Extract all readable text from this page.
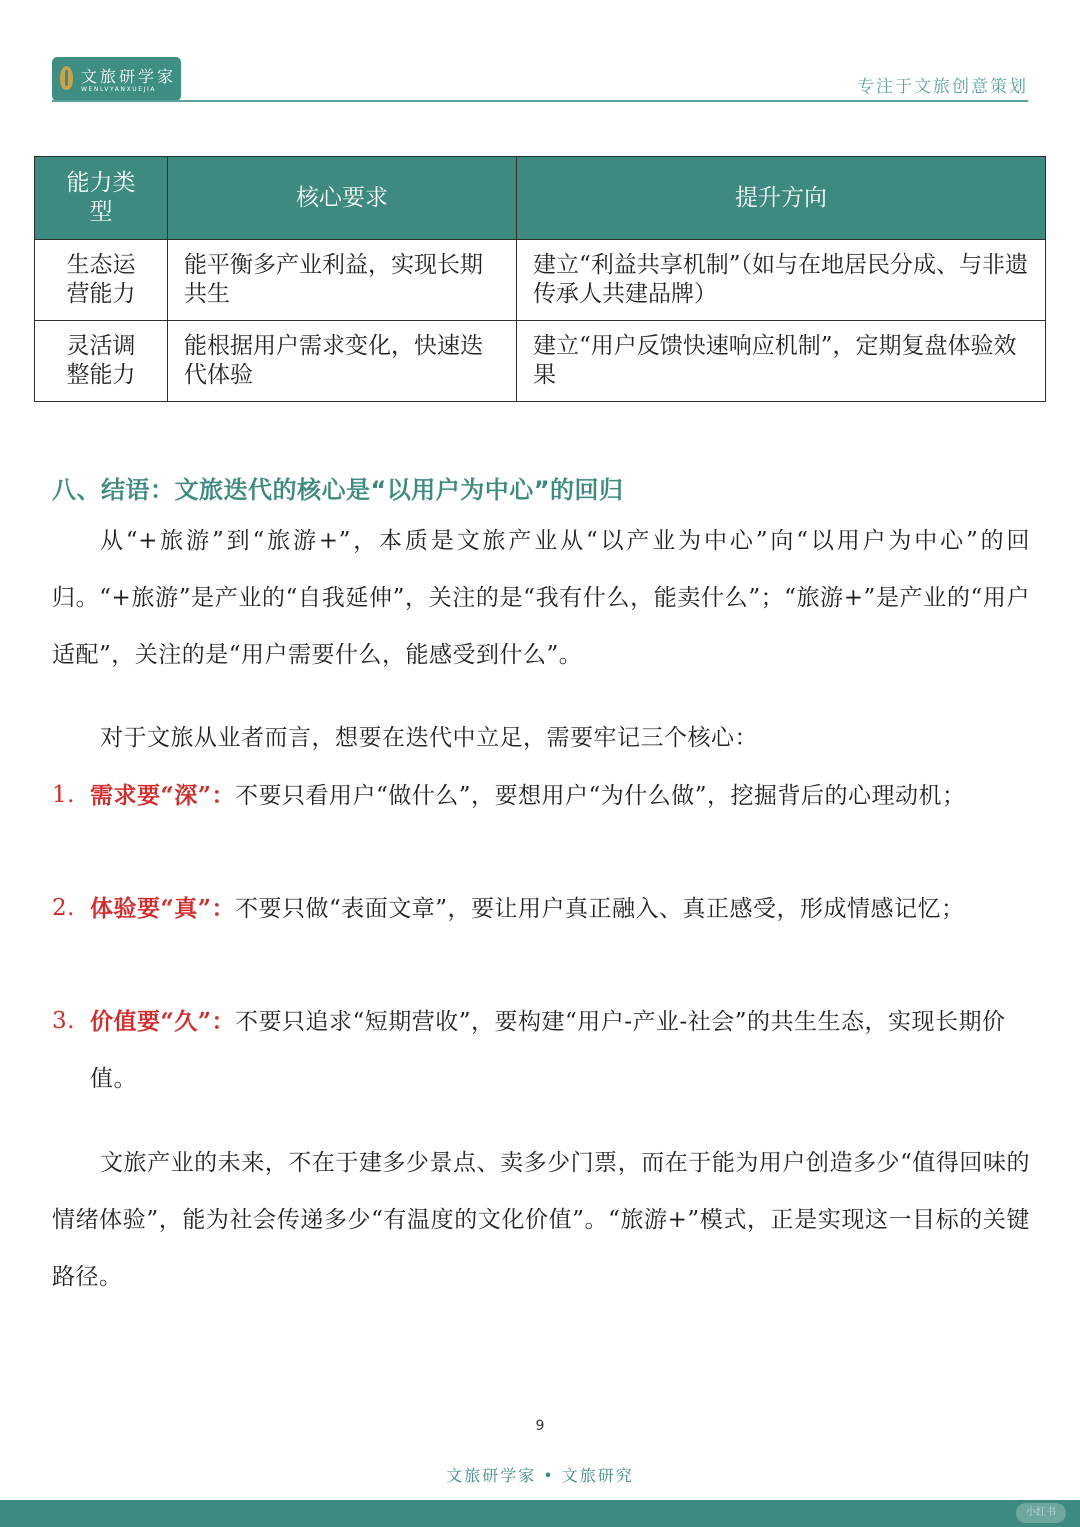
文旅研学家
WENLVYANXUEJIA	专注于文旅创意策划
能力类型	核心要求	提升方向
生态运营能力	能平衡多产业利益，实现长期共生	建立“利益共享机制”（如与在地居民分成、与非遗传承人共建品牌）
灵活调整能力	能根据用户需求变化，快速迭代体验	建立“用户反馈快速响应机制”，定期复盘体验效果
八、结语：文旅迭代的核心是“以用户为中心”的回归

从“+旅游”到“旅游+”，本质是文旅产业从“以产业为中心”向“以用户为中心”的回归。“+旅游”是产业的“自我延伸”，关注的是“我有什么，能卖什么”；“旅游+”是产业的“用户适配”，关注的是“用户需要什么，能感受到什么”。

对于文旅从业者而言，想要在迭代中立足，需要牢记三个核心：

1. 需求要“深”：不要只看用户“做什么”，要想用户“为什么做”，挖掘背后的心理动机；
2. 体验要“真”：不要只做“表面文章”，要让用户真正融入、真正感受，形成情感记忆；
3. 价值要“久”：不要只追求“短期营收”，要构建“用户-产业-社会”的共生生态，实现长期价值。

文旅产业的未来，不在于建多少景点、卖多少门票，而在于能为用户创造多少“值得回味的情绪体验”，能为社会传递多少“有温度的文化价值”。“旅游+”模式，正是实现这一目标的关键路径。

9
文旅研学家 • 文旅研究
小红书
